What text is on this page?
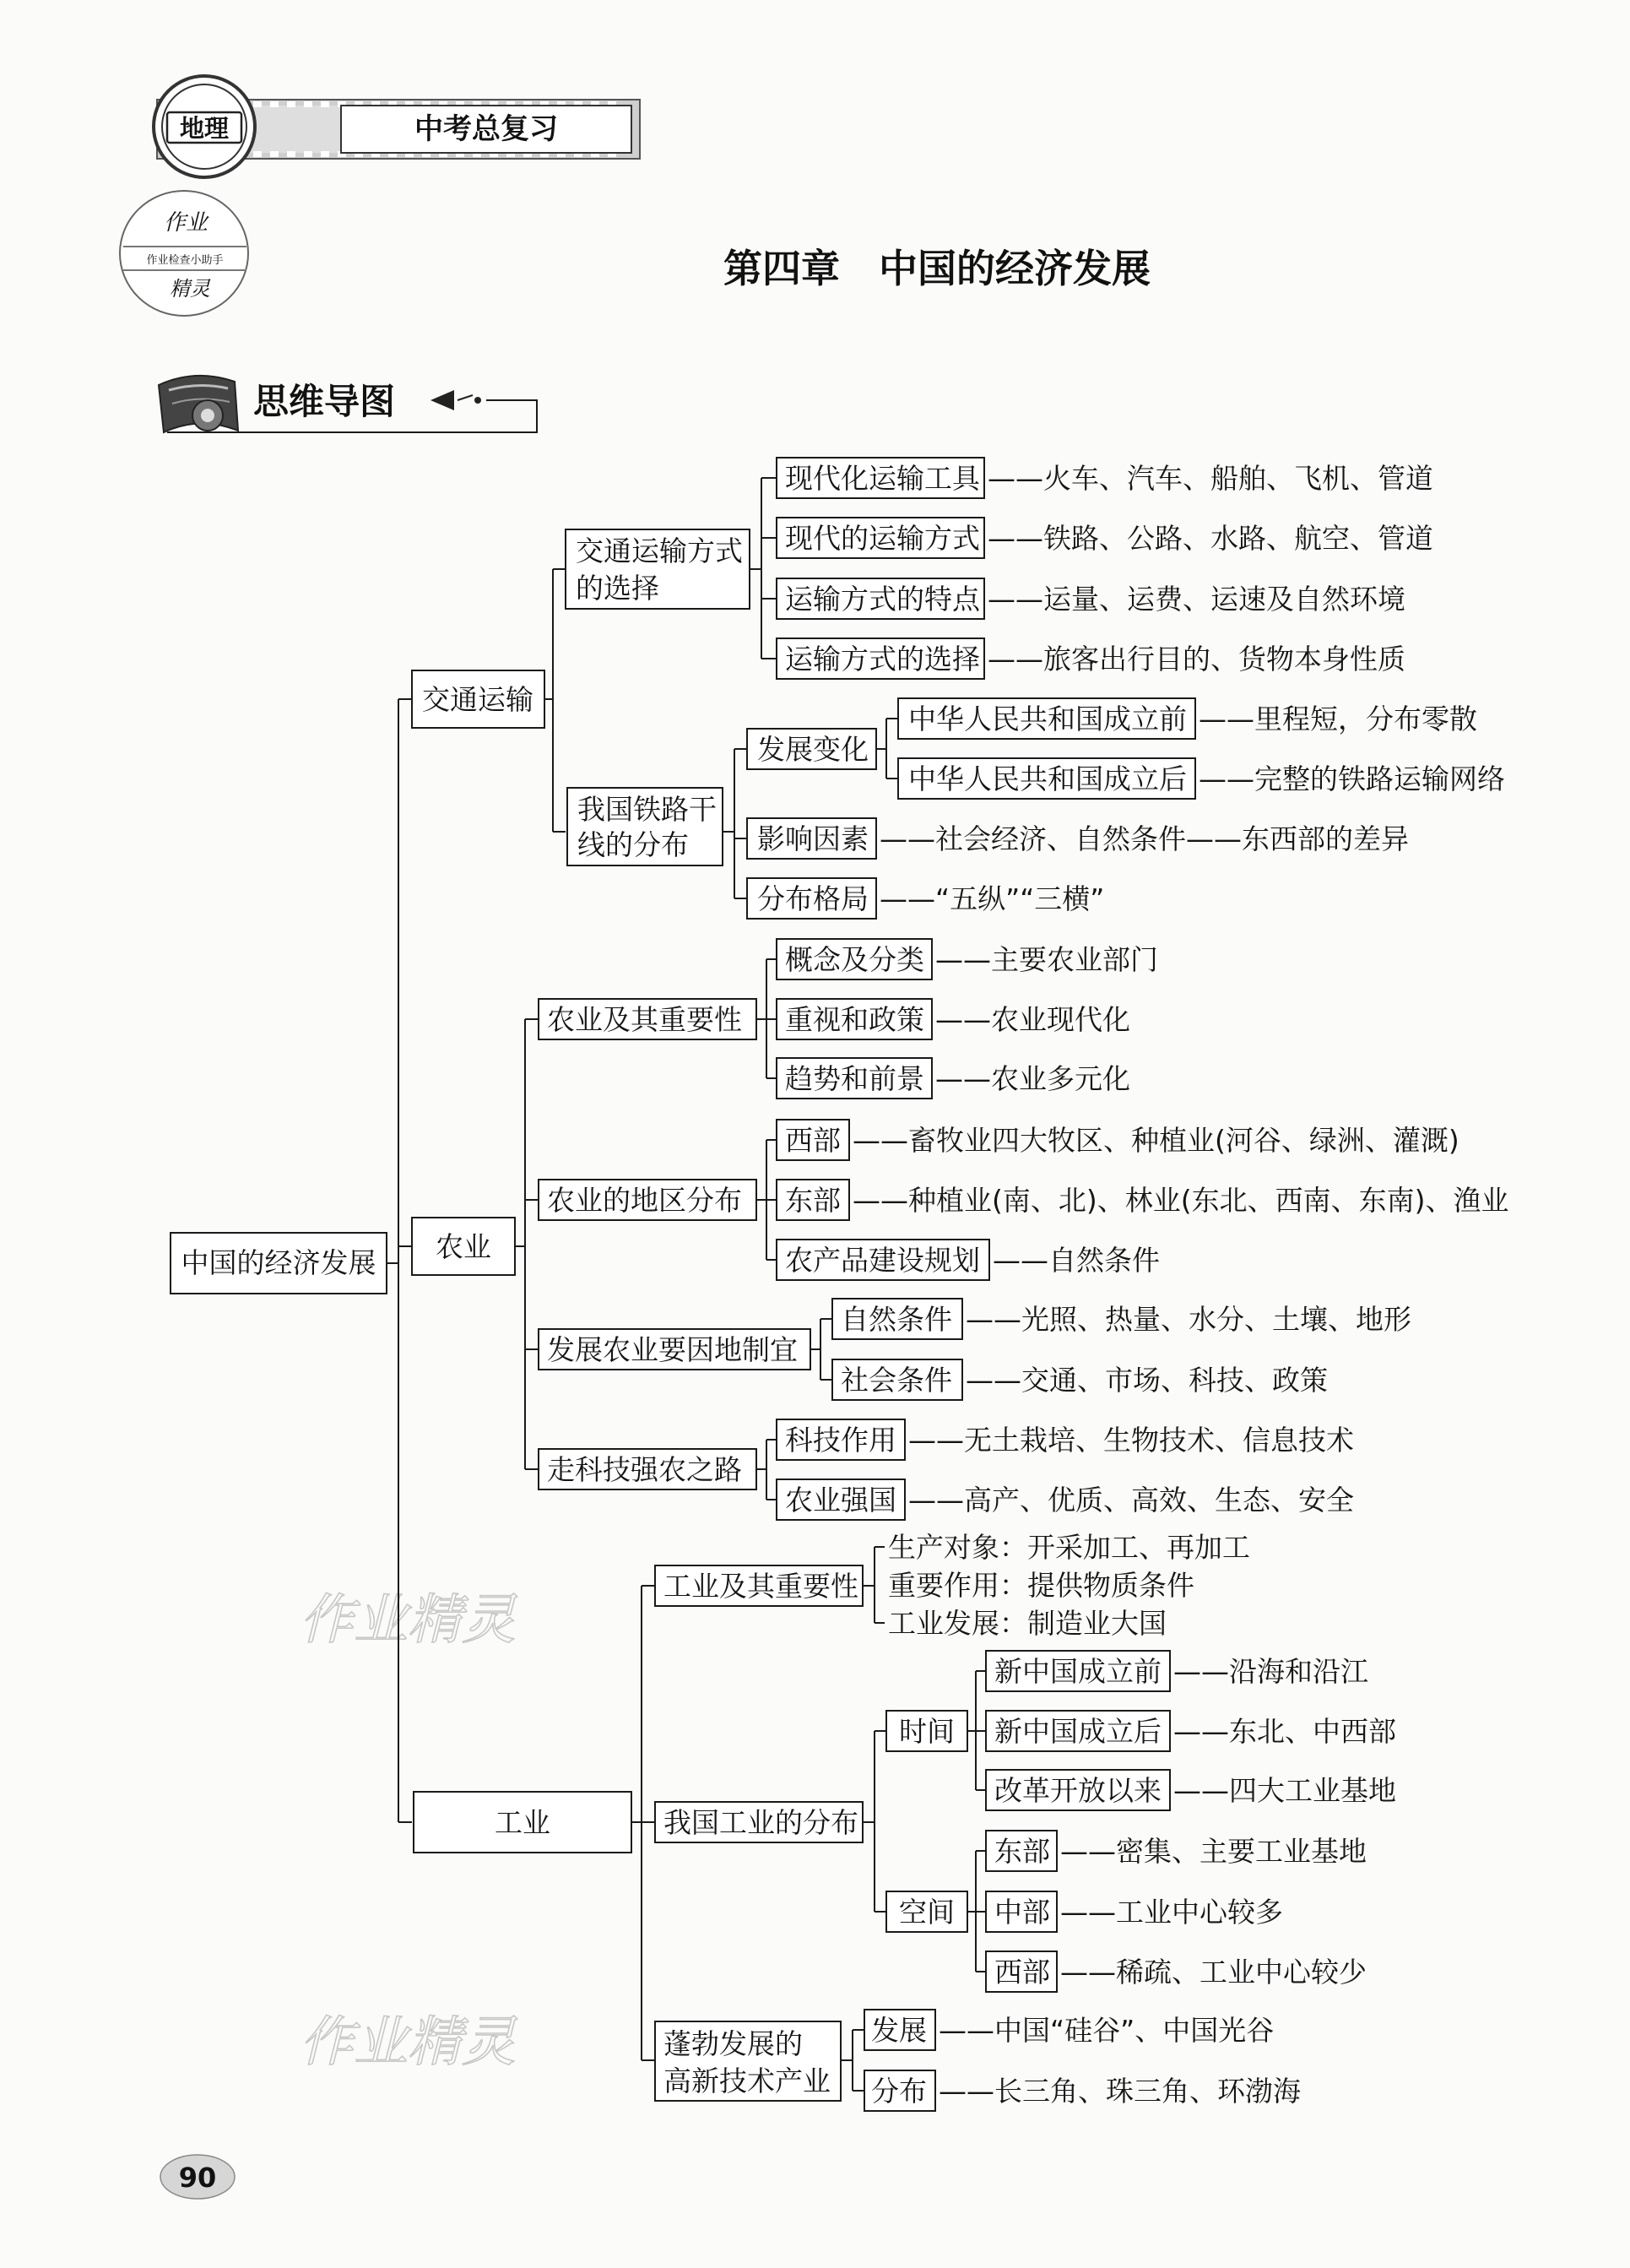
地理	中考总复习
作业
作业检查小助手
精灵	第四章　中国的经济发展
思维导图
作业精灵
作业精灵
中国的经济发展
交通运输
交通运输方式
的选择
现代化运输工具 ——火车、汽车、船舶、飞机、管道
现代的运输方式 ——铁路、公路、水路、航空、管道
运输方式的特点 ——运量、运费、运速及自然环境
运输方式的选择 ——旅客出行目的、货物本身性质
我国铁路干
线的分布
发展变化
中华人民共和国成立前 ——里程短，分布零散
中华人民共和国成立后 ——完整的铁路运输网络
影响因素 ——社会经济、自然条件——东西部的差异
分布格局 ——“五纵”“三横”
农业
农业及其重要性
概念及分类 ——主要农业部门
重视和政策 ——农业现代化
趋势和前景 ——农业多元化
农业的地区分布
西部 ——畜牧业四大牧区、种植业(河谷、绿洲、灌溉)
东部 ——种植业(南、北)、林业(东北、西南、东南)、渔业
农产品建设规划 ——自然条件
发展农业要因地制宜
自然条件 ——光照、热量、水分、土壤、地形
社会条件 ——交通、市场、科技、政策
走科技强农之路
科技作用 ——无土栽培、生物技术、信息技术
农业强国 ——高产、优质、高效、生态、安全
工业
工业及其重要性
生产对象：开采加工、再加工
重要作用：提供物质条件
工业发展：制造业大国
我国工业的分布
时间
新中国成立前 ——沿海和沿江
新中国成立后 ——东北、中西部
改革开放以来 ——四大工业基地
空间
东部 ——密集、主要工业基地
中部 ——工业中心较多
西部 ——稀疏、工业中心较少
蓬勃发展的
高新技术产业
发展 ——中国“硅谷”、中国光谷
分布 ——长三角、珠三角、环渤海
90
